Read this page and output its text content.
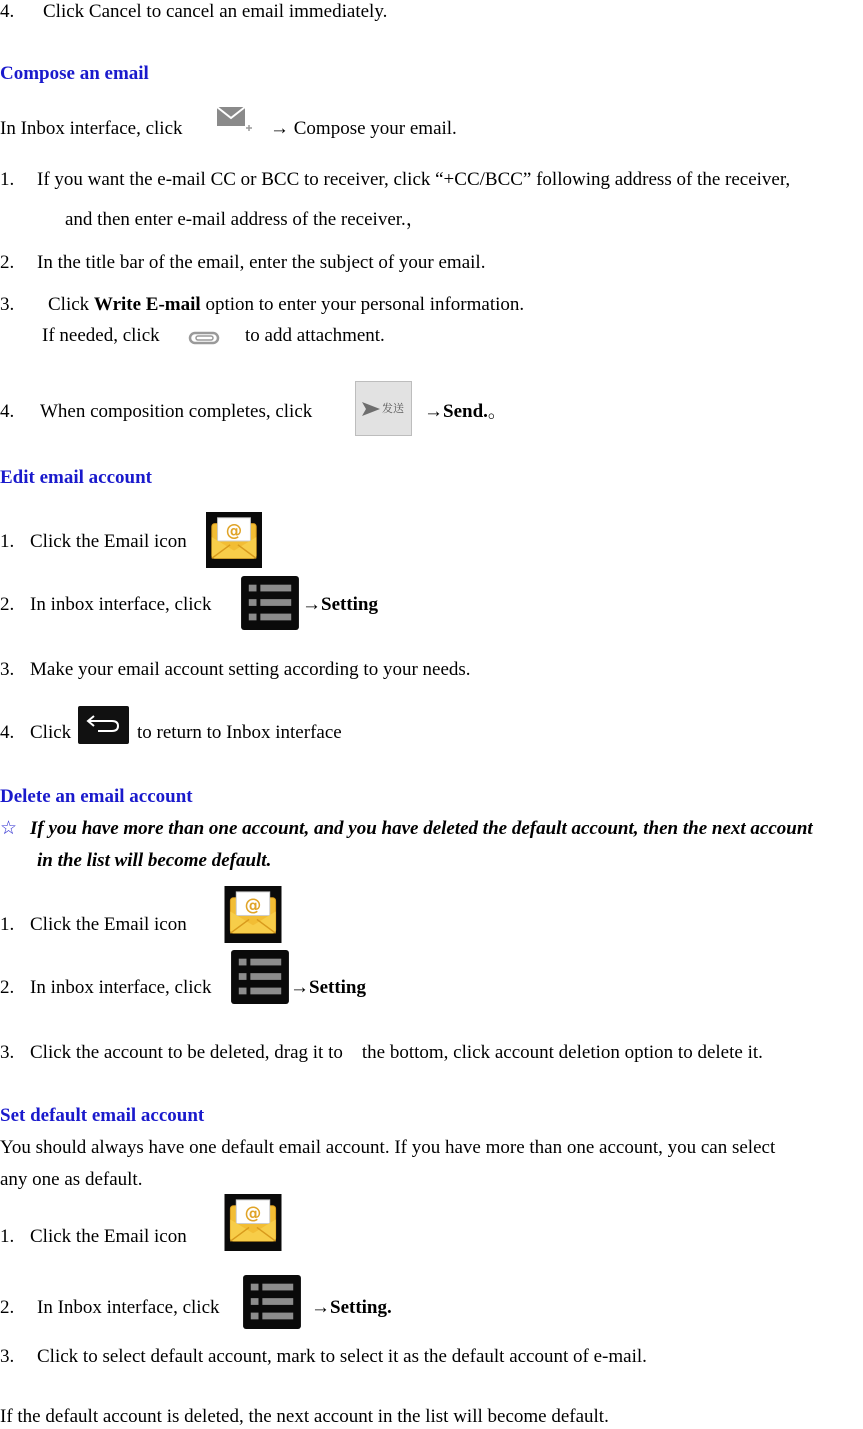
4. Click Cancel to cancel an email immediately.
Compose an email
In Inbox interface, click	→ Compose your email.
1. If you want the e-mail CC or BCC to receiver, click “+CC/BCC” following address of the receiver,
and then enter e-mail address of the receiver.，
2. In the title bar of the email, enter the subject of your email.
3. Click Write E-mail option to enter your personal information.
If needed, click	to add attachment.
4. When composition completes, click	发送 →Send.。
Edit email account
1. Click the Email icon
2. In inbox interface, click	→Setting
3. Make your email account setting according to your needs.
4. Click	to return to Inbox interface
Delete an email account
☆ If you have more than one account, and you have deleted the default account, then the next account
in the list will become default.
1. Click the Email icon
2. In inbox interface, click	→Setting
3. Click the account to be deleted, drag it to    the bottom, click account deletion option to delete it.
Set default email account
You should always have one default email account. If you have more than one account, you can select
any one as default.
1. Click the Email icon
2. In Inbox interface, click	→Setting.
3. Click to select default account, mark to select it as the default account of e-mail.
If the default account is deleted, the next account in the list will become default.
